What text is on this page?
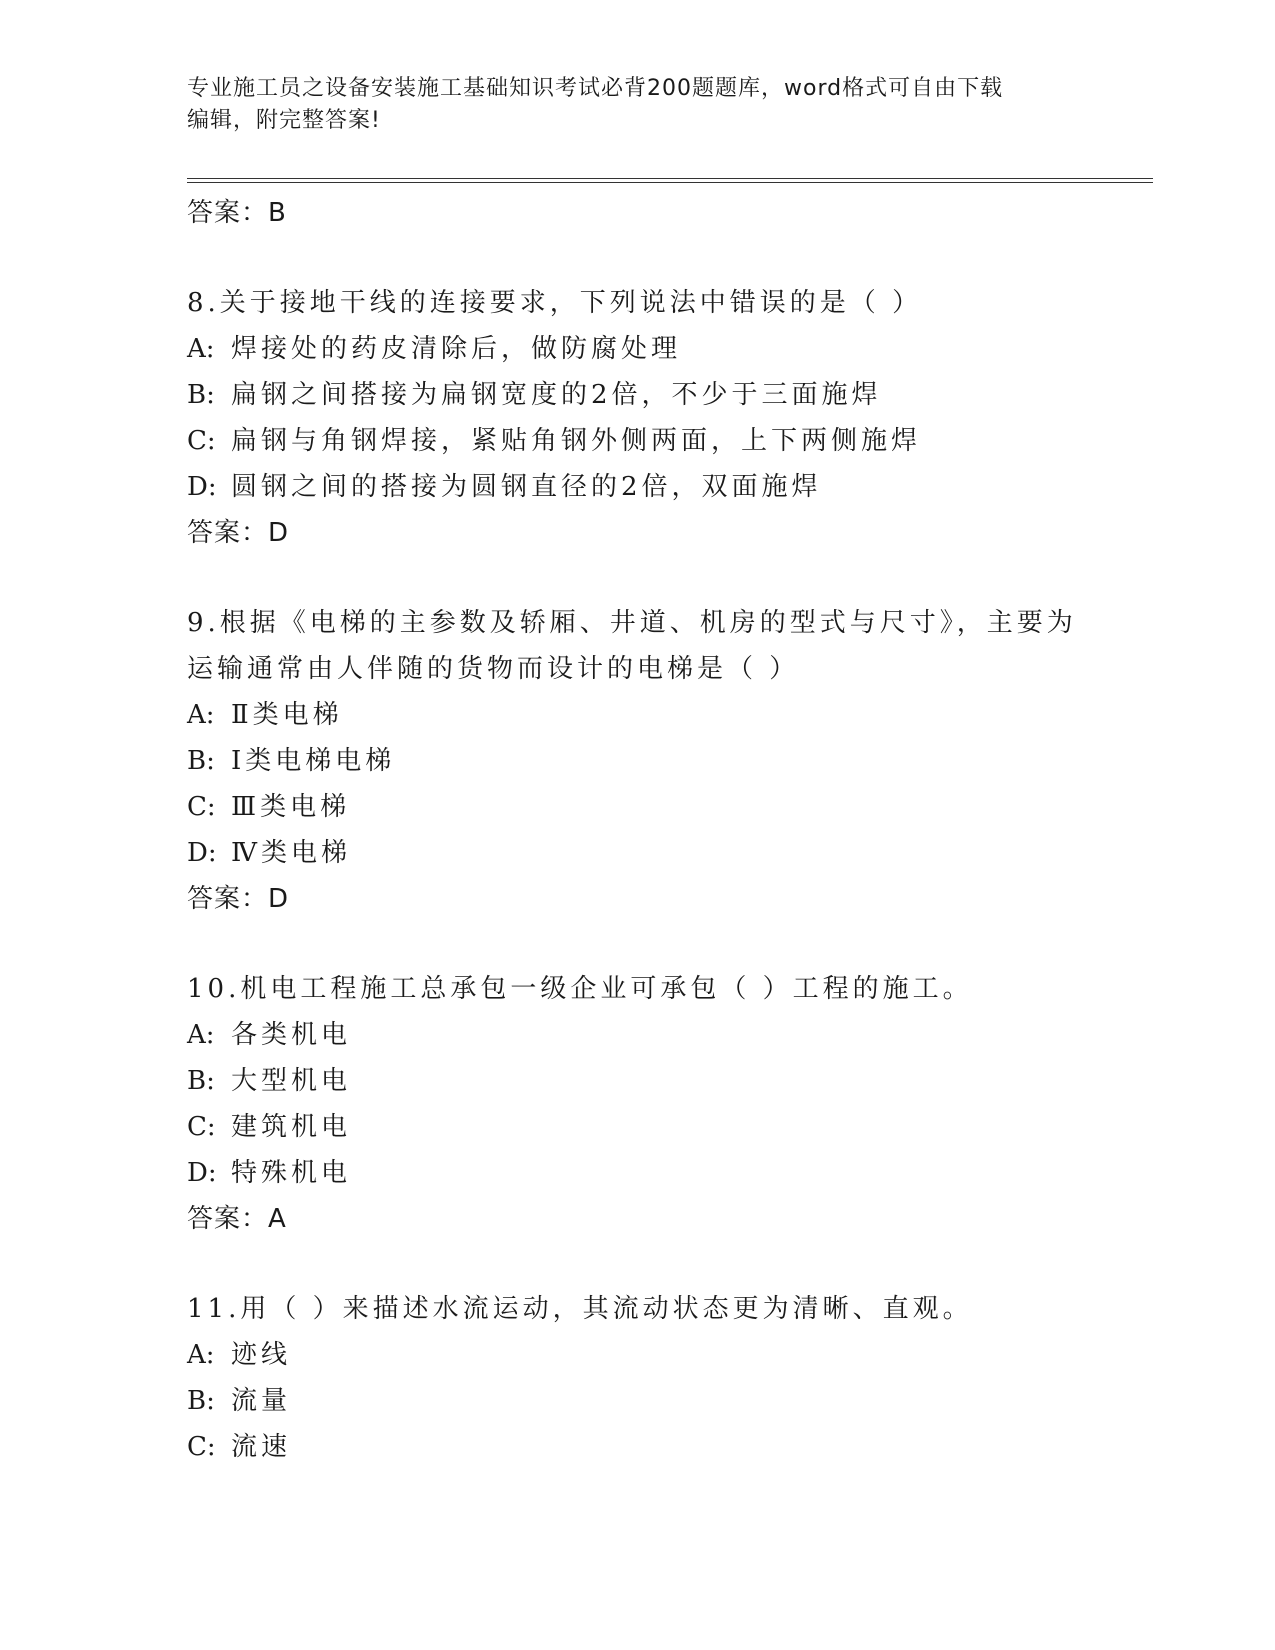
专业施工员之设备安装施工基础知识考试必背200题题库，word格式可自由下载
编辑，附完整答案!
答案：B
8.关于接地干线的连接要求，下列说法中错误的是（ ）
A: 焊接处的药皮清除后，做防腐处理
B: 扁钢之间搭接为扁钢宽度的2倍，不少于三面施焊
C: 扁钢与角钢焊接，紧贴角钢外侧两面，上下两侧施焊
D: 圆钢之间的搭接为圆钢直径的2倍，双面施焊
答案：D
9.根据《电梯的主参数及轿厢、井道、机房的型式与尺寸》，主要为
运输通常由人伴随的货物而设计的电梯是（ ）
A: Ⅱ类电梯
B: Ⅰ类电梯电梯
C: Ⅲ类电梯
D: Ⅳ类电梯
答案：D
10.机电工程施工总承包一级企业可承包（ ）工程的施工。
A: 各类机电
B: 大型机电
C: 建筑机电
D: 特殊机电
答案：A
11.用（ ）来描述水流运动，其流动状态更为清晰、直观。
A: 迹线
B: 流量
C: 流速
